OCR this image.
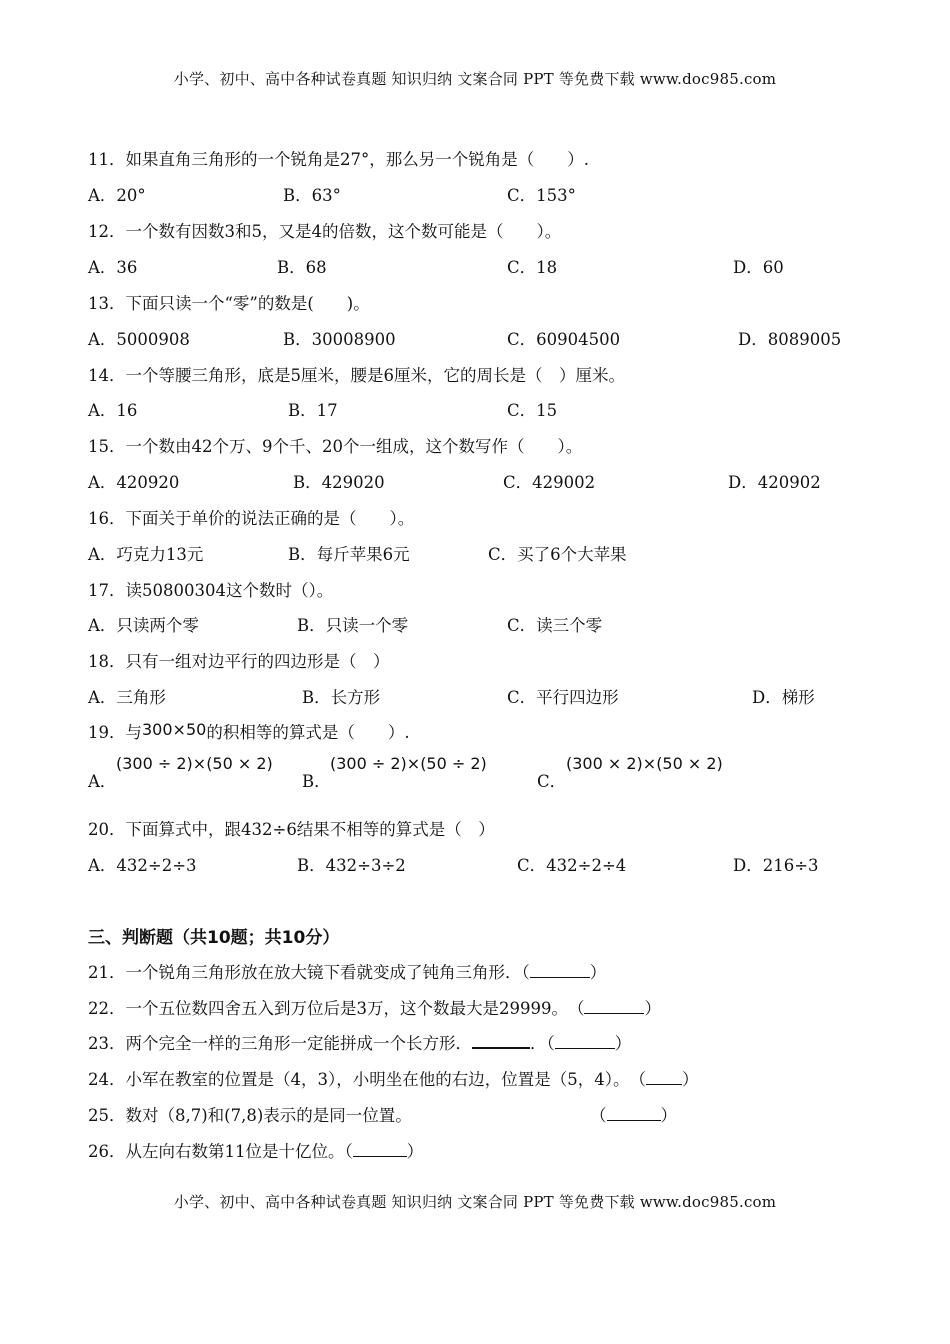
小学、初中、高中各种试卷真题 知识归纳 文案合同 PPT 等免费下载 www.doc985.com
11．如果直角三角形的一个锐角是27°，那么另一个锐角是（　　）.
A．20°	B．63°	C．153°
12．一个数有因数3和5，又是4的倍数，这个数可能是（　　）。
A．36	B．68	C．18	D．60
13．下面只读一个“零”的数是(　　)。
A．5000908	B．30008900	C．60904500	D．8089005
14．一个等腰三角形，底是5厘米，腰是6厘米，它的周长是（　）厘米。
A．16	B．17	C．15
15．一个数由42个万、9个千、20个一组成，这个数写作（　　）。
A．420920	B．429020	C．429002	D．420902
16．下面关于单价的说法正确的是（　　）。
A．巧克力13元	B．每斤苹果6元	C．买了6个大苹果
17．读50800304这个数时（）。
A．只读两个零	B．只读一个零	C．读三个零
18．只有一组对边平行的四边形是（　）
A．三角形	B．长方形	C．平行四边形	D．梯形
19．与300×50的积相等的算式是（　　）.
A．
(300 ÷ 2)×(50 × 2)
B．
(300 ÷ 2)×(50 ÷ 2)
C．
(300 × 2)×(50 × 2)
20．下面算式中，跟432÷6结果不相等的算式是（　）
A．432÷2÷3	B．432÷3÷2	C．432÷2÷4	D．216÷3
三、判断题（共10题；共10分）
21．一个锐角三角形放在放大镜下看就变成了钝角三角形．（	）
22．一个五位数四舍五入到万位后是3万，这个数最大是29999。　（	）
23．两个完全一样的三角形一定能拼成一个长方形．	．（	）
24．小军在教室的位置是（4，3），小明坐在他的右边，位置是（5，4）。　（ ）
25．数对（8,7)和(7,8)表示的是同一位置。	（	）
26．从左向右数第11位是十亿位。（	）
小学、初中、高中各种试卷真题 知识归纳 文案合同 PPT 等免费下载 www.doc985.com
